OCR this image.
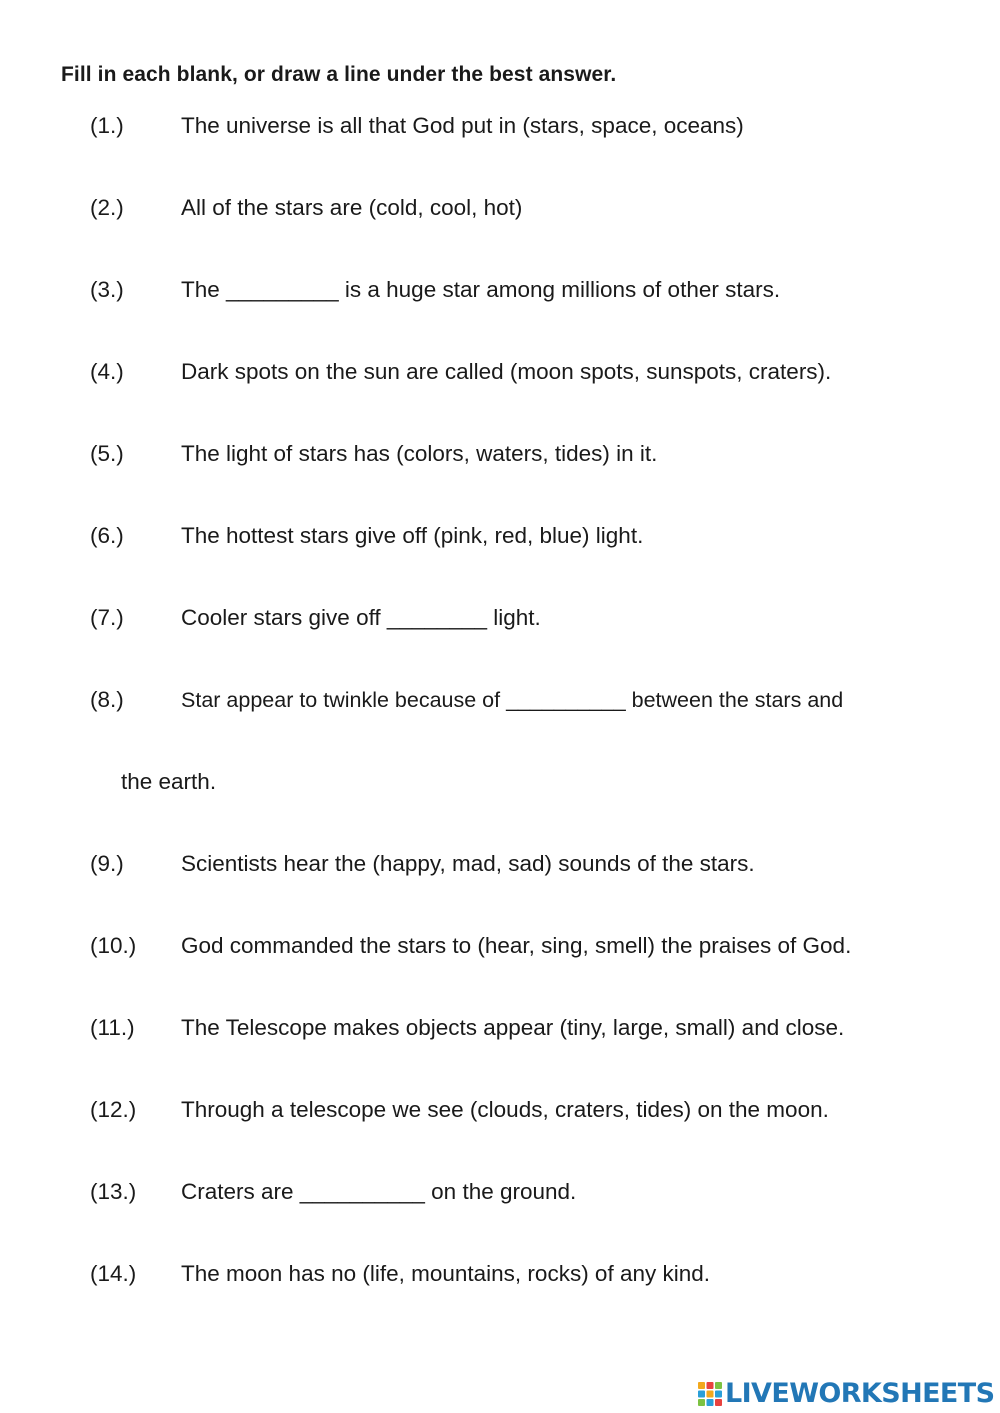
Fill in each blank, or draw a line under the best answer.
(1.)	The universe is all that God put in (stars, space, oceans)
(2.)	All of the stars are (cold, cool, hot)
(3.)	The _________ is a huge star among millions of other stars.
(4.)	Dark spots on the sun are called (moon spots, sunspots, craters).
(5.)	The light of stars has (colors, waters, tides) in it.
(6.)	The hottest stars give off (pink, red, blue) light.
(7.)	Cooler stars give off ________ light.
(8.)	Star appear to twinkle because of __________ between the stars and
the earth.
(9.)	Scientists hear the (happy, mad, sad) sounds of the stars.
(10.) God commanded the stars to (hear, sing, smell) the praises of God.
(11.) The Telescope makes objects appear (tiny, large, small) and close.
(12.) Through a telescope we see (clouds, craters, tides) on the moon.
(13.) Craters are __________ on the ground.
(14.) The moon has no (life, mountains, rocks) of any kind.
LIVEWORKSHEETS
